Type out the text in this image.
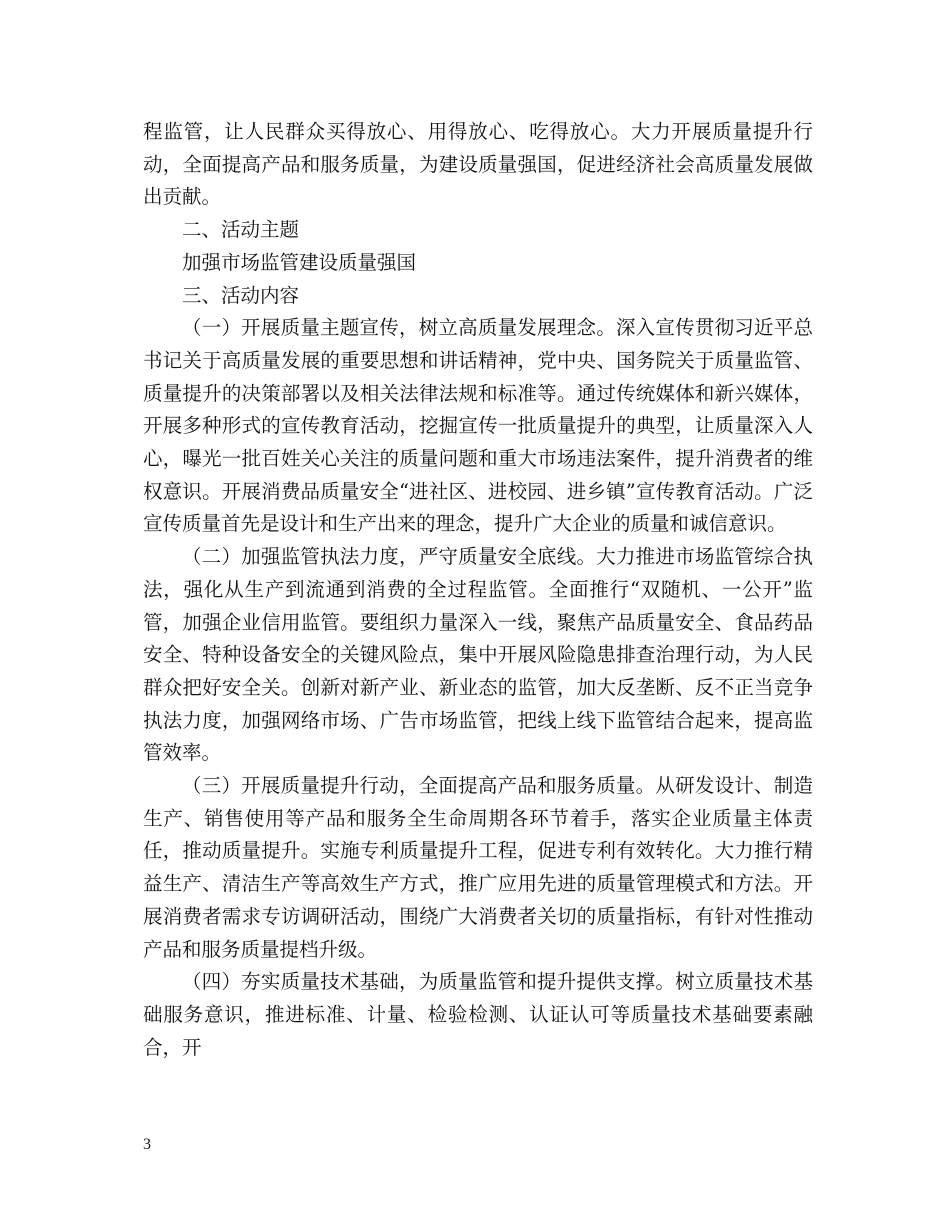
程监管，让人民群众买得放心、用得放心、吃得放心。大力开展质量提升行动，全面提高产品和服务质量，为建设质量强国，促进经济社会高质量发展做出贡献。

二、活动主题

加强市场监管建设质量强国

三、活动内容

（一）开展质量主题宣传，树立高质量发展理念。深入宣传贯彻习近平总书记关于高质量发展的重要思想和讲话精神，党中央、国务院关于质量监管、质量提升的决策部署以及相关法律法规和标准等。通过传统媒体和新兴媒体，开展多种形式的宣传教育活动，挖掘宣传一批质量提升的典型，让质量深入人心，曝光一批百姓关心关注的质量问题和重大市场违法案件，提升消费者的维权意识。开展消费品质量安全“进社区、进校园、进乡镇”宣传教育活动。广泛宣传质量首先是设计和生产出来的理念，提升广大企业的质量和诚信意识。

（二）加强监管执法力度，严守质量安全底线。大力推进市场监管综合执法，强化从生产到流通到消费的全过程监管。全面推行“双随机、一公开”监管，加强企业信用监管。要组织力量深入一线，聚焦产品质量安全、食品药品安全、特种设备安全的关键风险点，集中开展风险隐患排查治理行动，为人民群众把好安全关。创新对新产业、新业态的监管，加大反垄断、反不正当竞争执法力度，加强网络市场、广告市场监管，把线上线下监管结合起来，提高监管效率。

（三）开展质量提升行动，全面提高产品和服务质量。从研发设计、制造生产、销售使用等产品和服务全生命周期各环节着手，落实企业质量主体责任，推动质量提升。实施专利质量提升工程，促进专利有效转化。大力推行精益生产、清洁生产等高效生产方式，推广应用先进的质量管理模式和方法。开展消费者需求专访调研活动，围绕广大消费者关切的质量指标，有针对性推动产品和服务质量提档升级。

（四）夯实质量技术基础，为质量监管和提升提供支撑。树立质量技术基础服务意识，推进标准、计量、检验检测、认证认可等质量技术基础要素融合，开

3
